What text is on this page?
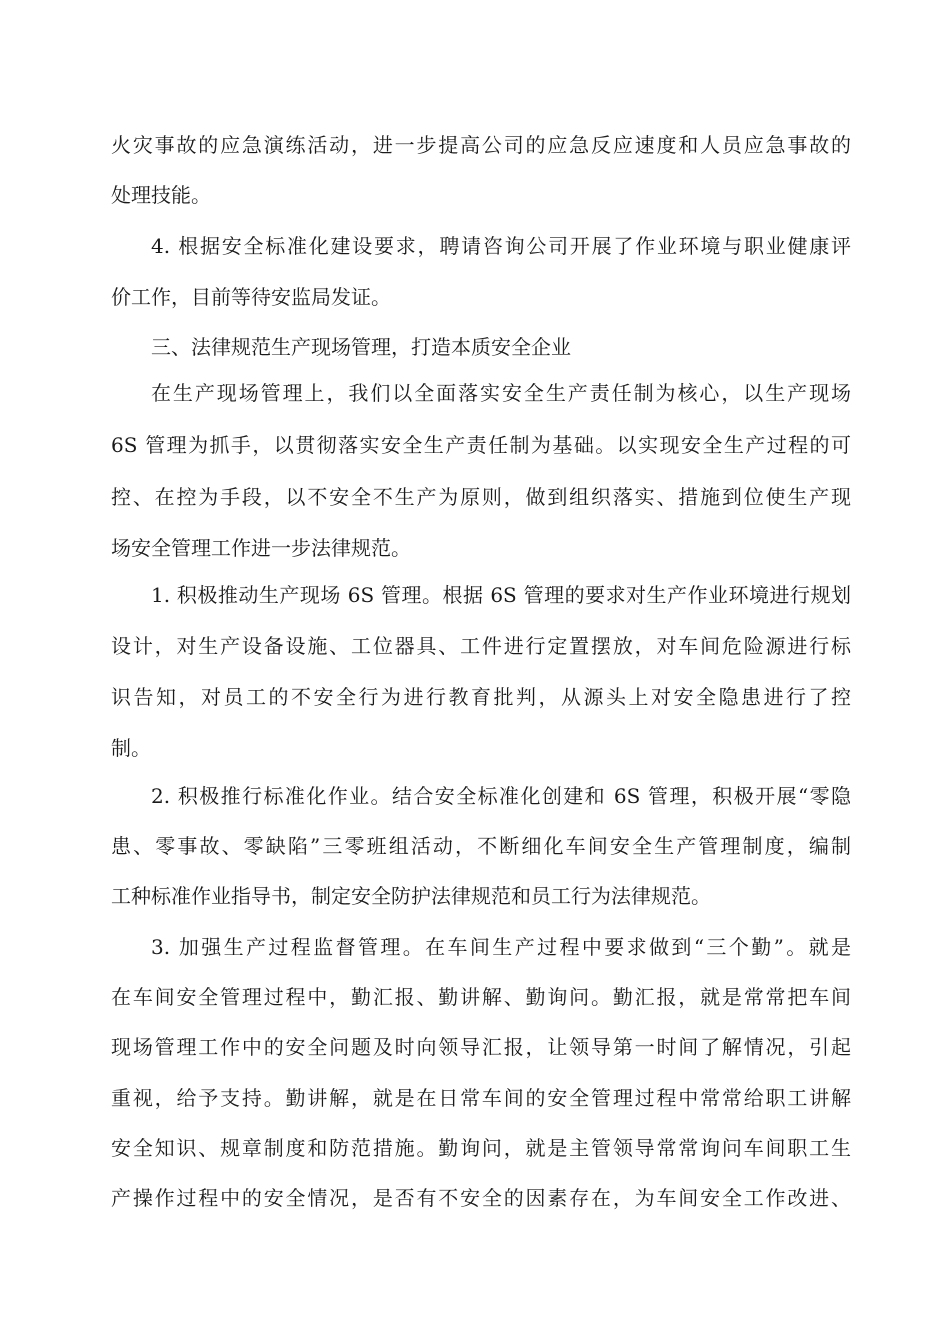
火灾事故的应急演练活动，进一步提高公司的应急反应速度和人员应急事故的
处理技能。
4. 根据安全标准化建设要求，聘请咨询公司开展了作业环境与职业健康评
价工作，目前等待安监局发证。
三、法律规范生产现场管理，打造本质安全企业
在生产现场管理上，我们以全面落实安全生产责任制为核心，以生产现场
6S 管理为抓手，以贯彻落实安全生产责任制为基础。以实现安全生产过程的可
控、在控为手段，以不安全不生产为原则，做到组织落实、措施到位使生产现
场安全管理工作进一步法律规范。
1. 积极推动生产现场 6S 管理。根据 6S 管理的要求对生产作业环境进行规划
设计，对生产设备设施、工位器具、工件进行定置摆放，对车间危险源进行标
识告知，对员工的不安全行为进行教育批判，从源头上对安全隐患进行了控
制。
2. 积极推行标准化作业。结合安全标准化创建和 6S 管理，积极开展“零隐
患、零事故、零缺陷”三零班组活动，不断细化车间安全生产管理制度，编制
工种标准作业指导书，制定安全防护法律规范和员工行为法律规范。
3. 加强生产过程监督管理。在车间生产过程中要求做到“三个勤”。就是
在车间安全管理过程中，勤汇报、勤讲解、勤询问。勤汇报，就是常常把车间
现场管理工作中的安全问题及时向领导汇报，让领导第一时间了解情况，引起
重视，给予支持。勤讲解，就是在日常车间的安全管理过程中常常给职工讲解
安全知识、规章制度和防范措施。勤询问，就是主管领导常常询问车间职工生
产操作过程中的安全情况，是否有不安全的因素存在，为车间安全工作改进、
